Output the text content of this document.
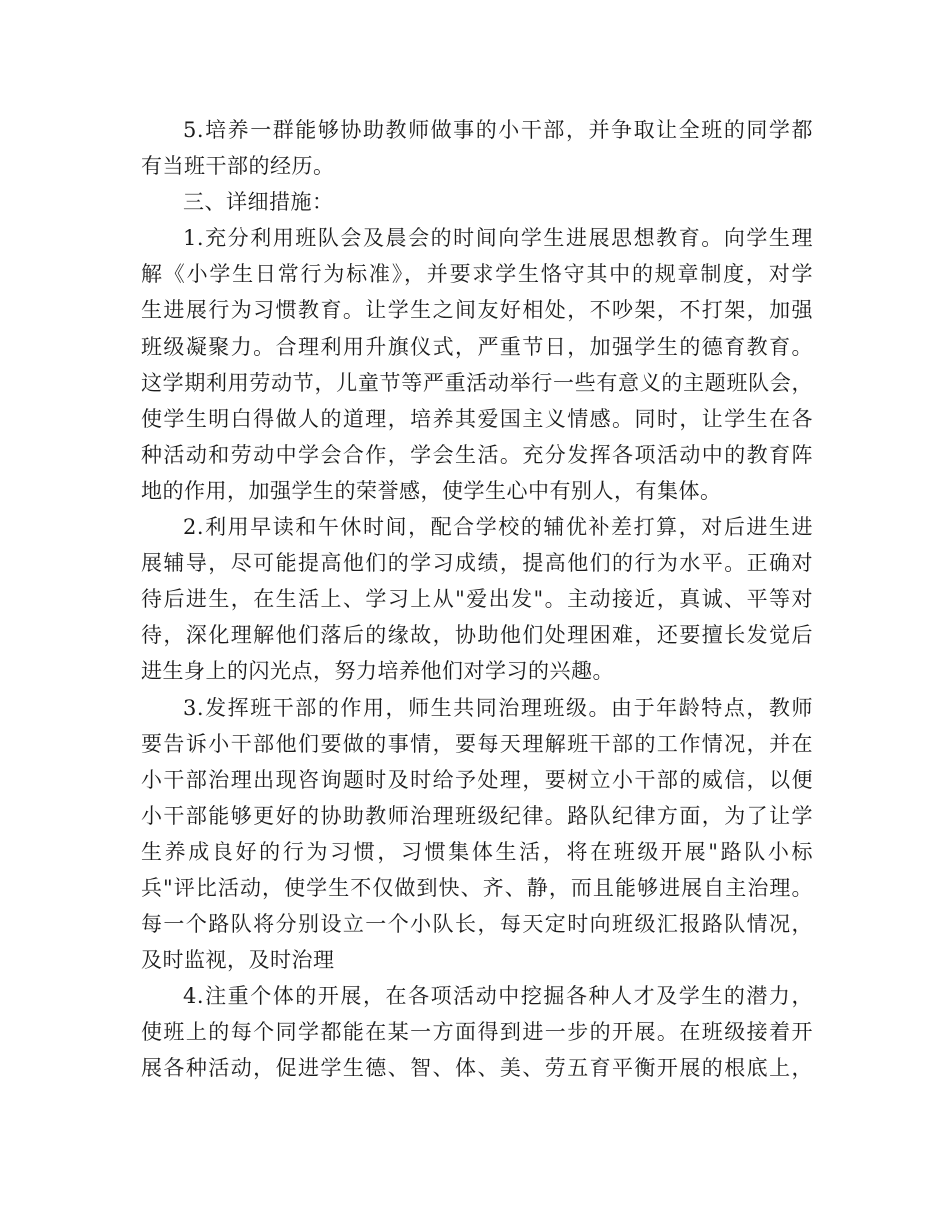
5.培养一群能够协助教师做事的小干部，并争取让全班的同学都
有当班干部的经历。
三、详细措施：
1.充分利用班队会及晨会的时间向学生进展思想教育。向学生理
解《小学生日常行为标准》，并要求学生恪守其中的规章制度，对学
生进展行为习惯教育。让学生之间友好相处，不吵架，不打架，加强
班级凝聚力。合理利用升旗仪式，严重节日，加强学生的德育教育。
这学期利用劳动节，儿童节等严重活动举行一些有意义的主题班队会，
使学生明白得做人的道理，培养其爱国主义情感。同时，让学生在各
种活动和劳动中学会合作，学会生活。充分发挥各项活动中的教育阵
地的作用，加强学生的荣誉感，使学生心中有别人，有集体。
2.利用早读和午休时间，配合学校的辅优补差打算，对后进生进
展辅导，尽可能提高他们的学习成绩，提高他们的行为水平。正确对
待后进生，在生活上、学习上从"爱出发"。主动接近，真诚、平等对
待，深化理解他们落后的缘故，协助他们处理困难，还要擅长发觉后
进生身上的闪光点，努力培养他们对学习的兴趣。
3.发挥班干部的作用，师生共同治理班级。由于年龄特点，教师
要告诉小干部他们要做的事情，要每天理解班干部的工作情况，并在
小干部治理出现咨询题时及时给予处理，要树立小干部的威信，以便
小干部能够更好的协助教师治理班级纪律。路队纪律方面，为了让学
生养成良好的行为习惯，习惯集体生活，将在班级开展"路队小标
兵"评比活动，使学生不仅做到快、齐、静，而且能够进展自主治理。
每一个路队将分别设立一个小队长，每天定时向班级汇报路队情况，
及时监视，及时治理
4.注重个体的开展，在各项活动中挖掘各种人才及学生的潜力，
使班上的每个同学都能在某一方面得到进一步的开展。在班级接着开
展各种活动，促进学生德、智、体、美、劳五育平衡开展的根底上，
